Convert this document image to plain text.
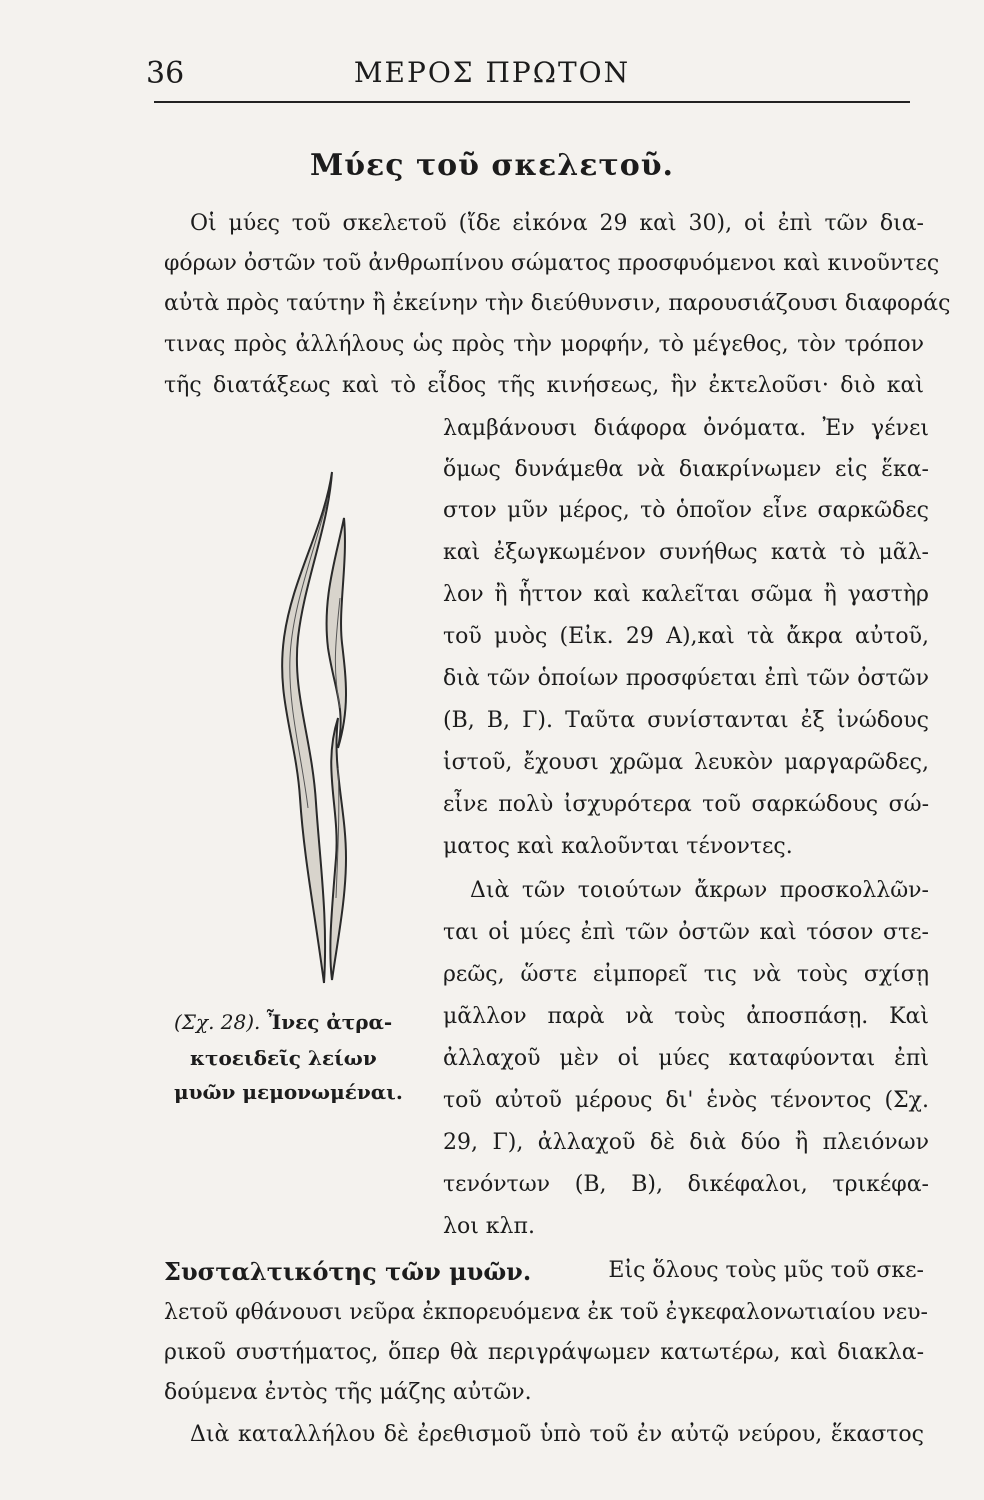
36	ΜΕΡΟΣ ΠΡΩΤΟΝ
Μύες τοῦ σκελετοῦ.
Οἱ μύες τοῦ σκελετοῦ (ἴδε εἰκόνα 29 καὶ 30), οἱ ἐπὶ τῶν δια-
φόρων ὀστῶν τοῦ ἀνθρωπίνου σώματος προσφυόμενοι καὶ κινοῦντες
αὐτὰ πρὸς ταύτην ἢ ἐκείνην τὴν διεύθυνσιν, παρουσιάζουσι διαφοράς
τινας πρὸς ἀλλήλους ὡς πρὸς τὴν μορφήν, τὸ μέγεθος, τὸν τρόπον
τῆς διατάξεως καὶ τὸ εἶδος τῆς κινήσεως, ἣν ἐκτελοῦσι· διὸ καὶ
λαμβάνουσι διάφορα ὀνόματα. Ἐν γένει
ὅμως δυνάμεθα νὰ διακρίνωμεν εἰς ἕκα-
στον μῦν μέρος, τὸ ὁποῖον εἶνε σαρκῶδες
καὶ ἐξωγκωμένον συνήθως κατὰ τὸ μᾶλ-
λον ἢ ἧττον καὶ καλεῖται σῶμα ἢ γαστὴρ
τοῦ μυὸς (Εἰκ. 29 Α),καὶ τὰ ἄκρα αὐτοῦ,
διὰ τῶν ὁποίων προσφύεται ἐπὶ τῶν ὀστῶν
(Β, Β, Γ). Ταῦτα συνίστανται ἐξ ἰνώδους
ἱστοῦ, ἔχουσι χρῶμα λευκὸν μαργαρῶδες,
εἶνε πολὺ ἰσχυρότερα τοῦ σαρκώδους σώ-
ματος καὶ καλοῦνται τένοντες.
Διὰ τῶν τοιούτων ἄκρων προσκολλῶν-
ται οἱ μύες ἐπὶ τῶν ὀστῶν καὶ τόσον στε-
ρεῶς, ὥστε εἰμπορεῖ τις νὰ τοὺς σχίσῃ
μᾶλλον παρὰ νὰ τοὺς ἀποσπάσῃ. Καὶ
ἀλλαχοῦ μὲν οἱ μύες καταφύονται ἐπὶ
τοῦ αὐτοῦ μέρους δι' ἑνὸς τένοντος (Σχ.
29, Γ), ἀλλαχοῦ δὲ διὰ δύο ἢ πλειόνων
τενόντων (Β, Β), δικέφαλοι, τρικέφα-
λοι κλπ.
(Σχ. 28). Ἶνες ἀτρα-
κτοειδεῖς λείων
μυῶν μεμονωμέναι.
Συσταλτικότης τῶν μυῶν.	Εἰς ὅλους τοὺς μῦς τοῦ σκε-
λετοῦ φθάνουσι νεῦρα ἐκπορευόμενα ἐκ τοῦ ἐγκεφαλονωτιαίου νευ-
ρικοῦ συστήματος, ὅπερ θὰ περιγράψωμεν κατωτέρω, καὶ διακλα-
δούμενα ἐντὸς τῆς μάζης αὐτῶν.
Διὰ καταλλήλου δὲ ἐρεθισμοῦ ὑπὸ τοῦ ἐν αὐτῷ νεύρου, ἕκαστος
